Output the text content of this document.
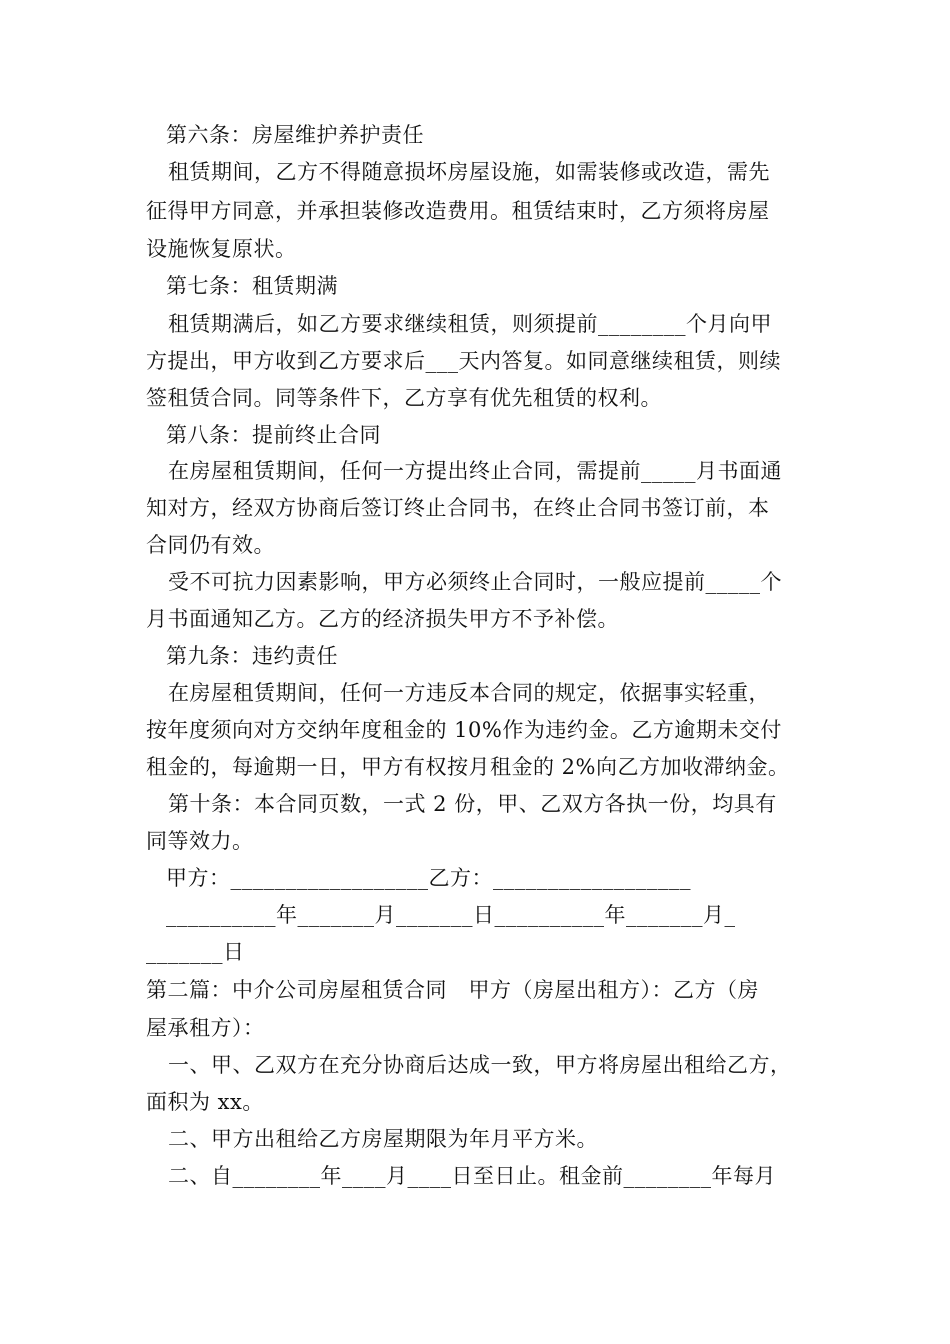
第六条：房屋维护养护责任
租赁期间，乙方不得随意损坏房屋设施，如需装修或改造，需先
征得甲方同意，并承担装修改造费用。租赁结束时，乙方须将房屋
设施恢复原状。
第七条：租赁期满
租赁期满后，如乙方要求继续租赁，则须提前________个月向甲
方提出，甲方收到乙方要求后___天内答复。如同意继续租赁，则续
签租赁合同。同等条件下，乙方享有优先租赁的权利。
第八条：提前终止合同
在房屋租赁期间，任何一方提出终止合同，需提前_____月书面通
知对方，经双方协商后签订终止合同书，在终止合同书签订前，本
合同仍有效。
受不可抗力因素影响，甲方必须终止合同时，一般应提前_____个
月书面通知乙方。乙方的经济损失甲方不予补偿。
第九条：违约责任
在房屋租赁期间，任何一方违反本合同的规定，依据事实轻重，
按年度须向对方交纳年度租金的 10%作为违约金。乙方逾期未交付
租金的，每逾期一日，甲方有权按月租金的 2%向乙方加收滞纳金。
第十条：本合同页数，一式 2 份，甲、乙双方各执一份，均具有
同等效力。
甲方：__________________乙方：__________________
__________年_______月_______日__________年_______月_
_______日
第二篇：中介公司房屋租赁合同　甲方（房屋出租方）：乙方（房
屋承租方）：
一、甲、乙双方在充分协商后达成一致，甲方将房屋出租给乙方，
面积为 xx。
二、甲方出租给乙方房屋期限为年月平方米。
二、自________年____月____日至日止。租金前________年每月
